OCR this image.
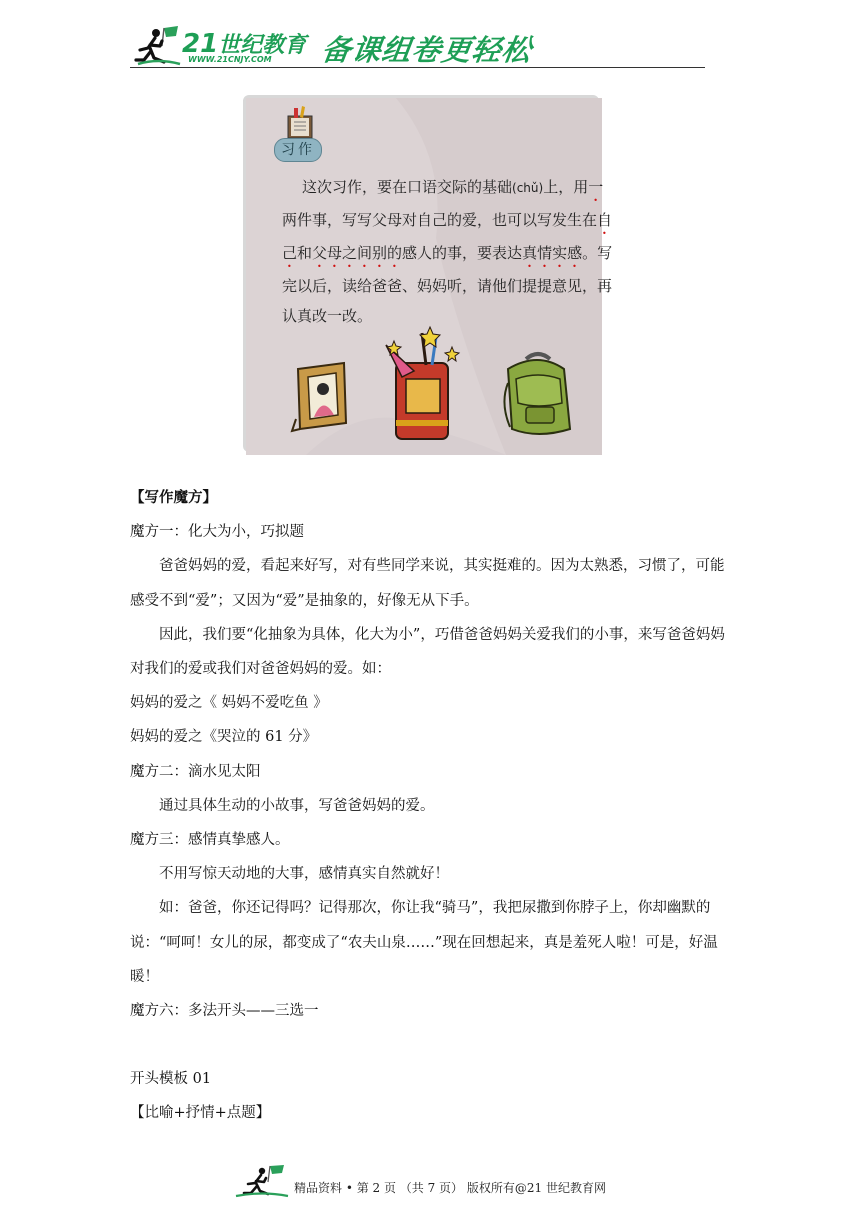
21世纪教育
WWW.21CNJY.COM 备课组卷更轻松
习作
这次习作，要在口语交际的基础(chǔ)上，用一
两件事，写写父母对自己的爱，也可以写发生在自
己和父母之间别的感人的事，要表达真情实感。写
完以后，读给爸爸、妈妈听，请他们提提意见，再
认真改一改。

【写作魔方】

魔方一：化大为小，巧拟题

爸爸妈妈的爱，看起来好写，对有些同学来说，其实挺难的。因为太熟悉，习惯了，可能感受不到“爱”；又因为“爱”是抽象的，好像无从下手。

因此，我们要“化抽象为具体，化大为小”，巧借爸爸妈妈关爱我们的小事，来写爸爸妈妈对我们的爱或我们对爸爸妈妈的爱。如：

妈妈的爱之《 妈妈不爱吃鱼 》

妈妈的爱之《哭泣的 61 分》

魔方二：滴水见太阳

通过具体生动的小故事，写爸爸妈妈的爱。

魔方三：感情真挚感人。

不用写惊天动地的大事，感情真实自然就好！

如：爸爸，你还记得吗？记得那次，你让我“骑马”，我把尿撒到你脖子上，你却幽默的说：“呵呵！女儿的尿，都变成了“农夫山泉……”现在回想起来，真是羞死人啦！可是，好温暖！

魔方六：多法开头——三选一

开头模板 01

【比喻+抒情+点题】

精品资料 • 第 2 页 （共 7 页） 版权所有@21 世纪教育网
